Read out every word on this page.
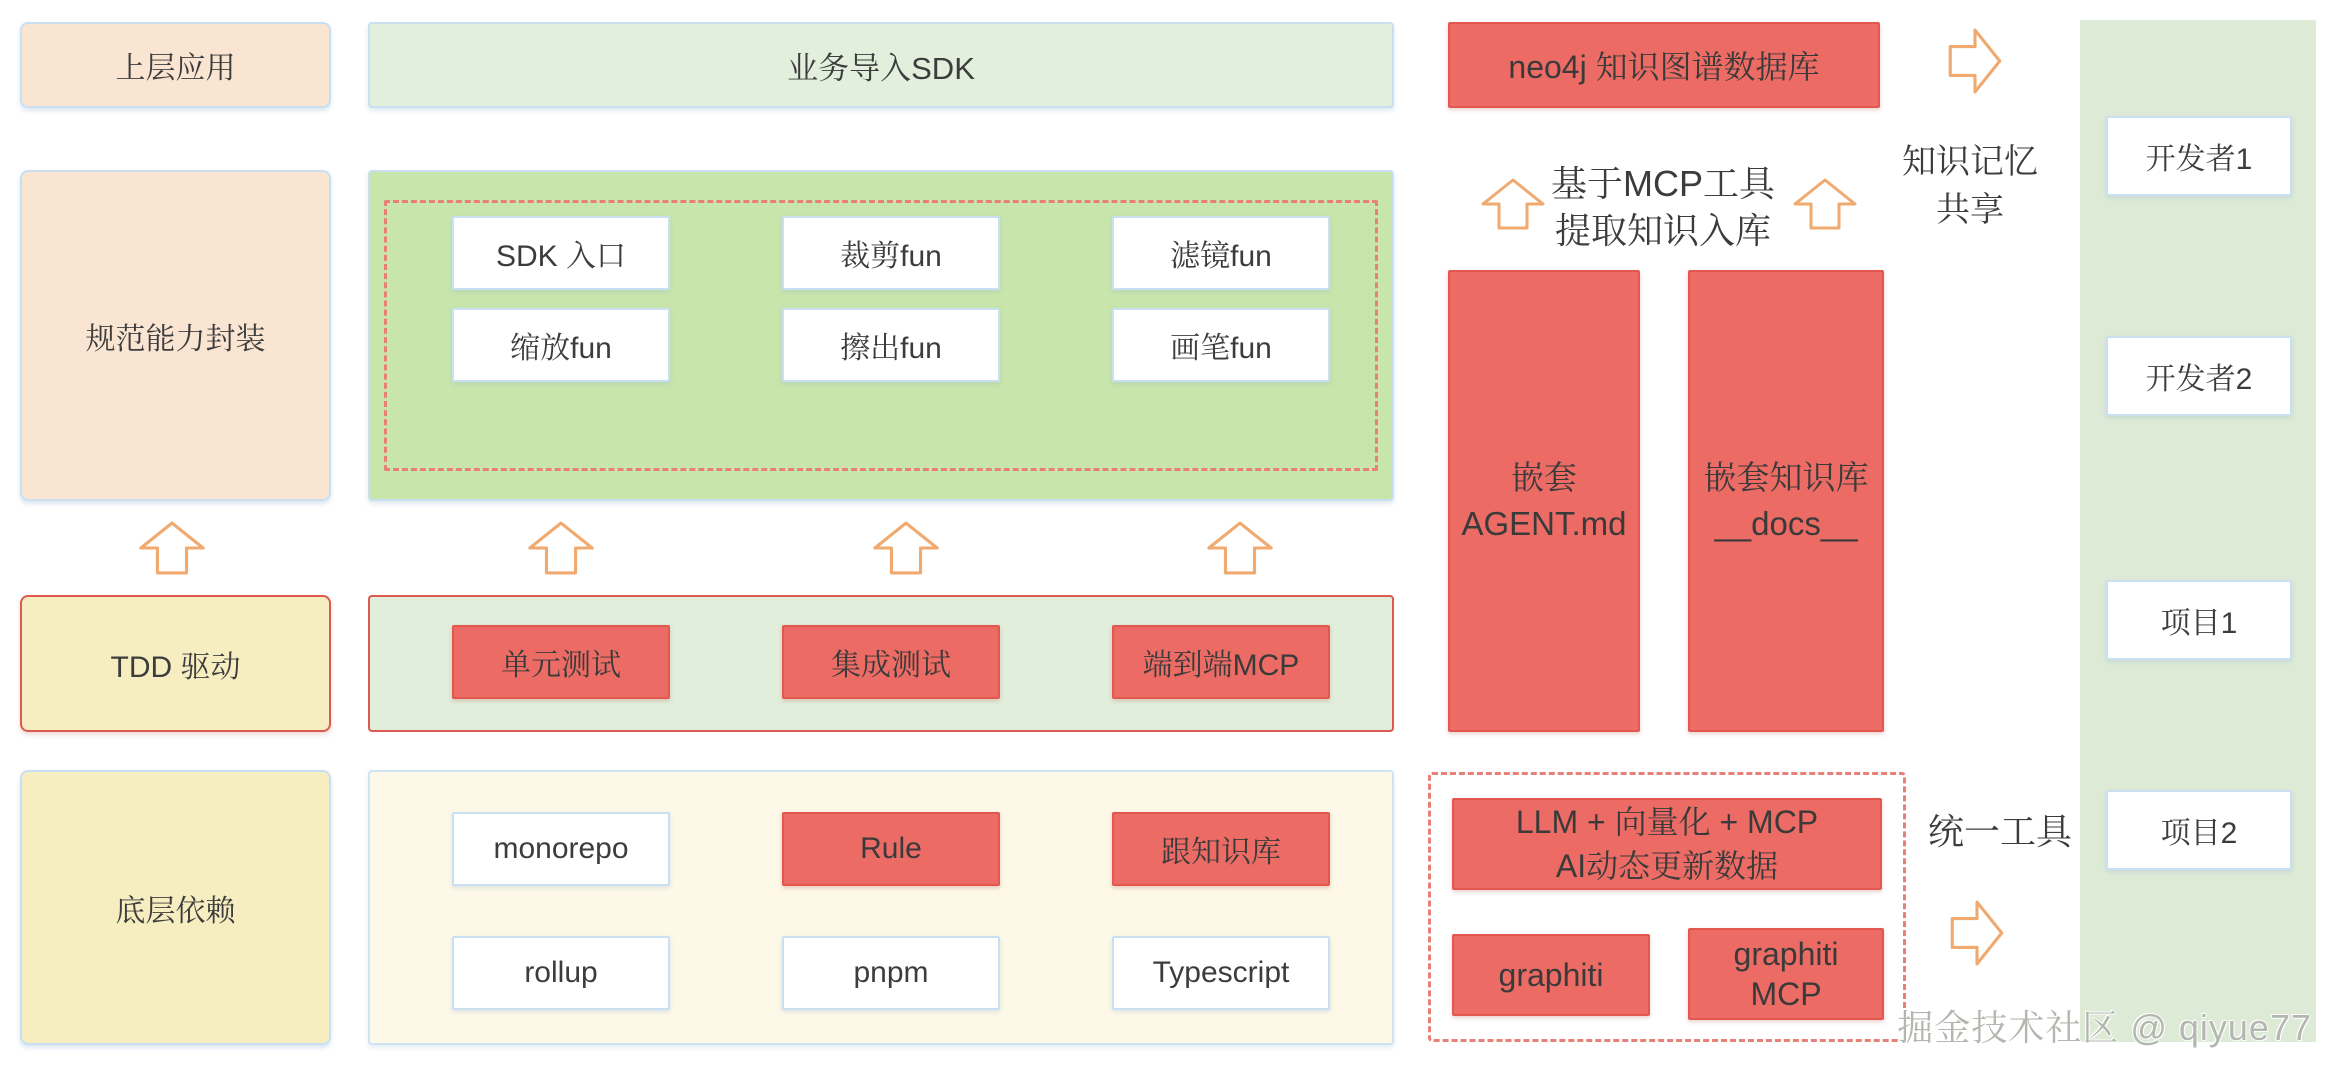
上层应用
规范能力封装
TDD 驱动
底层依赖
业务导入SDK
SDK 入口	裁剪fun	滤镜fun
缩放fun	擦出fun	画笔fun
单元测试	集成测试	端到端MCP
monorepo	Rule	跟知识库
rollup	pnpm	Typescript
neo4j 知识图谱数据库
知识记忆
共享
基于MCP工具
提取知识入库
嵌套
AGENT.md
嵌套知识库
__docs__
LLM + 向量化 + MCP
AI动态更新数据
graphiti
graphiti
MCP
统一工具
开发者1
开发者2
项目1
项目2
掘金技术社区 @ qiyue77
